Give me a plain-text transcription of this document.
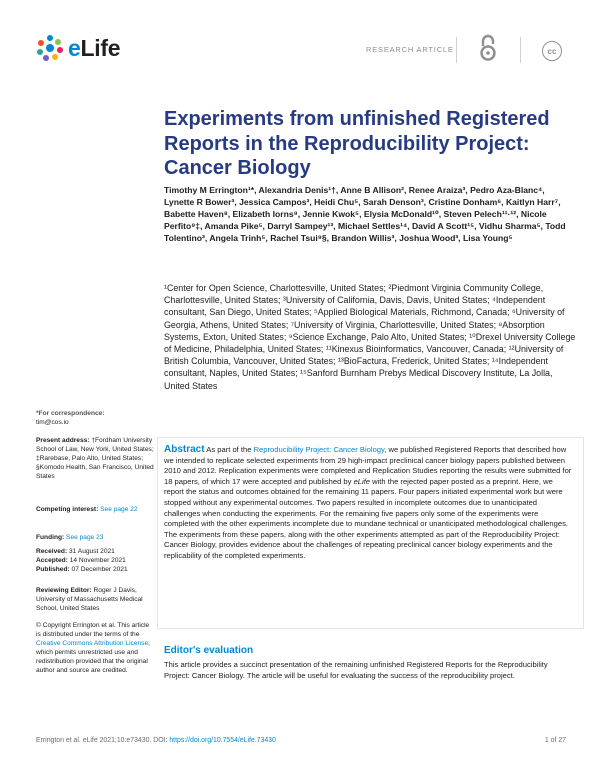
eLife	RESEARCH ARTICLE	cc
Experiments from unfinished Registered Reports in the Reproducibility Project: Cancer Biology
Timothy M Errington¹*, Alexandria Denis¹†, Anne B Allison², Renee Araiza³, Pedro Aza-Blanc⁴, Lynette R Bower³, Jessica Campos³, Heidi Chu⁵, Sarah Denson³, Cristine Donham⁶, Kaitlyn Harr⁷, Babette Haven⁸, Elizabeth Iorns⁹, Jennie Kwok⁵, Elysia McDonald¹⁰, Steven Pelech¹¹·¹², Nicole Perfito⁹‡, Amanda Pike⁵, Darryl Sampey¹³, Michael Settles¹⁴, David A Scott¹⁵, Vidhu Sharma⁵, Todd Tolentino³, Angela Trinh⁵, Rachel Tsui⁹§, Brandon Willis³, Joshua Wood³, Lisa Young⁵
¹Center for Open Science, Charlottesville, United States; ²Piedmont Virginia Community College, Charlottesville, United States; ³University of California, Davis, Davis, United States; ⁴Independent consultant, San Diego, United States; ⁵Applied Biological Materials, Richmond, Canada; ⁶University of Georgia, Athens, United States; ⁷University of Virginia, Charlottesville, United States; ⁸Absorption Systems, Exton, United States; ⁹Science Exchange, Palo Alto, United States; ¹⁰Drexel University College of Medicine, Philadelphia, United States; ¹¹Kinexus Bioinformatics, Vancouver, Canada; ¹²University of British Columbia, Vancouver, United States; ¹³BioFactura, Frederick, United States; ¹⁴Independent consultant, Naples, United States; ¹⁵Sanford Burnham Prebys Medical Discovery Institute, La Jolla, United States
*For correspondence:
tim@cos.io
Present address: †Fordham University School of Law, New York, United States; ‡Rarebase, Palo Alto, United States; §Komodo Health, San Francisco, United States
Competing interest: See page 22
Funding: See page 23
Received: 31 August 2021
Accepted: 14 November 2021
Published: 07 December 2021
Reviewing Editor: Roger J Davis, University of Massachusetts Medical School, United States
© Copyright Errington et al. This article is distributed under the terms of the Creative Commons Attribution License, which permits unrestricted use and redistribution provided that the original author and source are credited.
Abstract As part of the Reproducibility Project: Cancer Biology, we published Registered Reports that described how we intended to replicate selected experiments from 29 high-impact preclinical cancer biology papers published between 2010 and 2012. Replication experiments were completed and Replication Studies reporting the results were submitted for 18 papers, of which 17 were accepted and published by eLife with the rejected paper posted as a preprint. Here, we report the status and outcomes obtained for the remaining 11 papers. Four papers initiated experimental work but were stopped without any experimental outcomes. Two papers resulted in incomplete outcomes due to unanticipated challenges when conducting the experiments. For the remaining five papers only some of the experiments were completed with the other experiments incomplete due to mundane technical or unanticipated methodological challenges. The experiments from these papers, along with the other experiments attempted as part of the Reproducibility Project: Cancer Biology, provides evidence about the challenges of repeating preclinical cancer biology experiments and the replicability of the completed experiments.
Editor's evaluation
This article provides a succinct presentation of the remaining unfinished Registered Reports for the Reproducibility Project: Cancer Biology. The article will be useful for evaluating the success of the reproducibility project.
Errington et al. eLife 2021;10:e73430. DOI: https://doi.org/10.7554/eLife.73430	1 of 27
